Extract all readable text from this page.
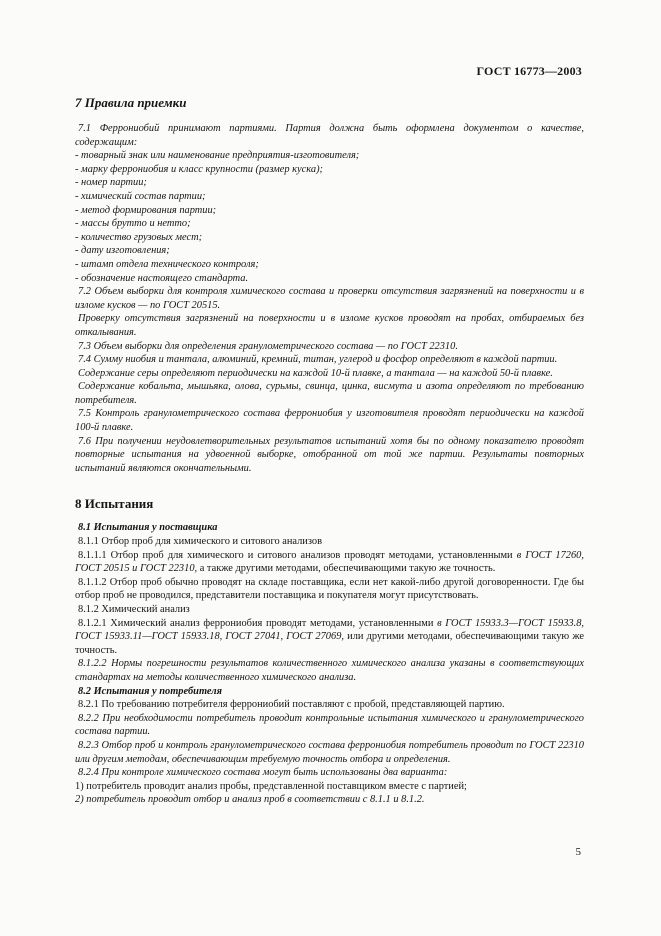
ГОСТ 16773—2003
7 Правила приемки

7.1 Феррониобий принимают партиями. Партия должна быть оформлена документом о качестве, содержащим:

- товарный знак или наименование предприятия-изготовителя;
- марку феррониобия и класс крупности (размер куска);
- номер партии;
- химический состав партии;
- метод формирования партии;
- массы брутто и нетто;
- количество грузовых мест;
- дату изготовления;
- штамп отдела технического контроля;
- обозначение настоящего стандарта.

7.2 Объем выборки для контроля химического состава и проверки отсутствия загрязнений на поверхности и в изломе кусков — по ГОСТ 20515.

Проверку отсутствия загрязнений на поверхности и в изломе кусков проводят на пробах, отбираемых без откалывания.

7.3 Объем выборки для определения гранулометрического состава — по ГОСТ 22310.

7.4 Сумму ниобия и тантала, алюминий, кремний, титан, углерод и фосфор определяют в каждой партии.

Содержание серы определяют периодически на каждой 10-й плавке, а тантала — на каждой 50-й плавке.

Содержание кобальта, мышьяка, олова, сурьмы, свинца, цинка, висмута и азота определяют по требованию потребителя.

7.5 Контроль гранулометрического состава феррониобия у изготовителя проводят периодически на каждой 100-й плавке.

7.6 При получении неудовлетворительных результатов испытаний хотя бы по одному показателю проводят повторные испытания на удвоенной выборке, отобранной от той же партии. Результаты повторных испытаний являются окончательными.

8 Испытания

8.1 Испытания у поставщика

8.1.1 Отбор проб для химического и ситового анализов

8.1.1.1 Отбор проб для химического и ситового анализов проводят методами, установленными в ГОСТ 17260, ГОСТ 20515 и ГОСТ 22310, а также другими методами, обеспечивающими такую же точность.

8.1.1.2 Отбор проб обычно проводят на складе поставщика, если нет какой-либо другой договоренности. Где бы отбор проб не проводился, представители поставщика и покупателя могут присутствовать.

8.1.2 Химический анализ

8.1.2.1 Химический анализ феррониобия проводят методами, установленными в ГОСТ 15933.3—ГОСТ 15933.8, ГОСТ 15933.11—ГОСТ 15933.18, ГОСТ 27041, ГОСТ 27069, или другими методами, обеспечивающими такую же точность.

8.1.2.2 Нормы погрешности результатов количественного химического анализа указаны в соответствующих стандартах на методы количественного химического анализа.

8.2 Испытания у потребителя

8.2.1 По требованию потребителя феррониобий поставляют с пробой, представляющей партию.

8.2.2 При необходимости потребитель проводит контрольные испытания химического и гранулометрического состава партии.

8.2.3 Отбор проб и контроль гранулометрического состава феррониобия потребитель проводит по ГОСТ 22310 или другим методам, обеспечивающим требуемую точность отбора и определения.

8.2.4 При контроле химического состава могут быть использованы два варианта:

1) потребитель проводит анализ пробы, представленной поставщиком вместе с партией;

2) потребитель проводит отбор и анализ проб в соответствии с 8.1.1 и 8.1.2.

5
